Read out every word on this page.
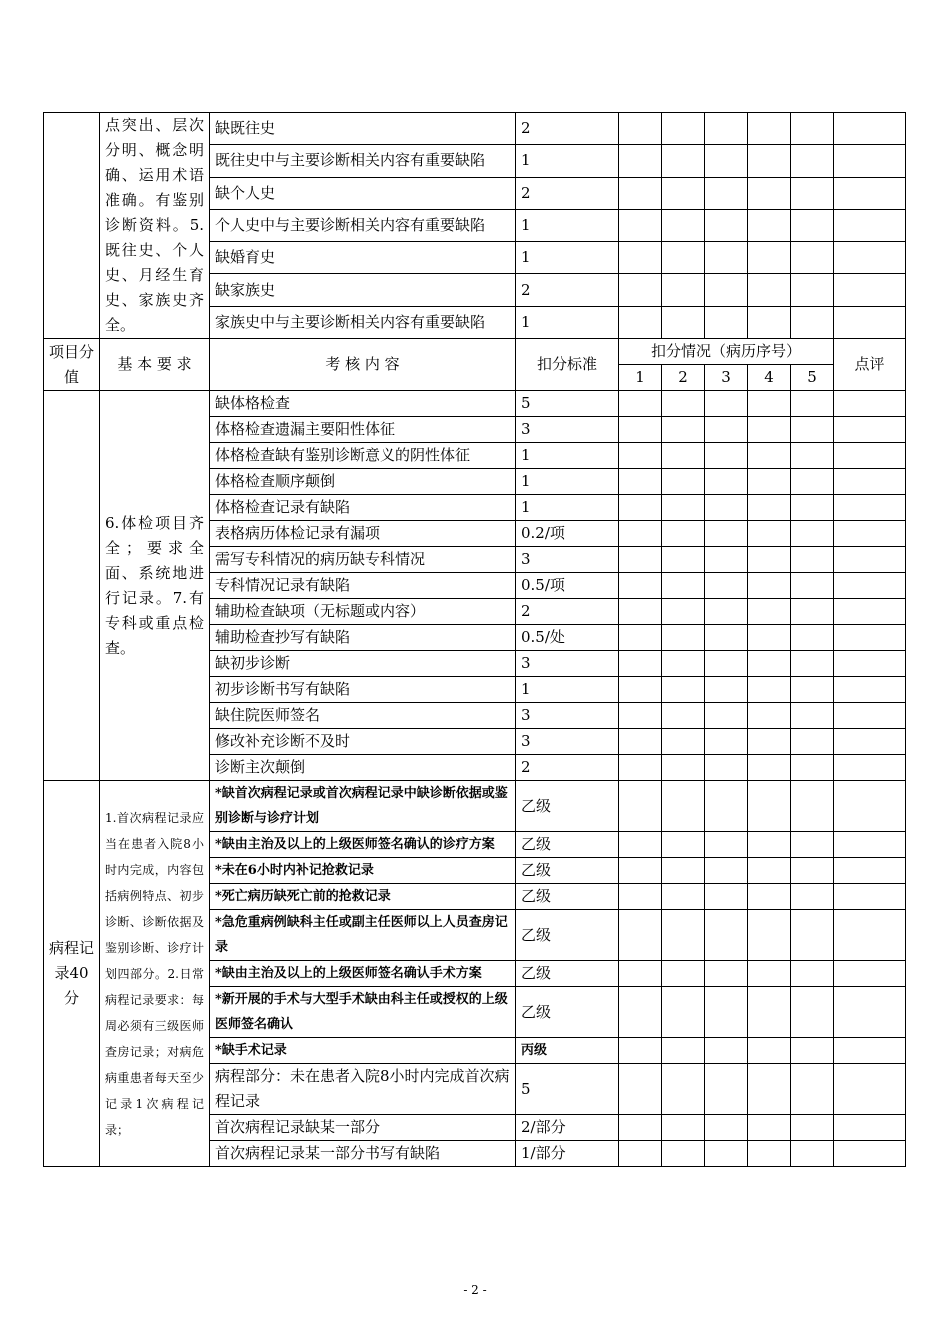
	点突出、层次分明、概念明确、运用术语准确。有鉴别诊断资料。5.既往史、个人史、月经生育史、家族史齐全。	缺既往史	2						
		既往史中与主要诊断相关内容有重要缺陷	1						
		缺个人史	2						
		个人史中与主要诊断相关内容有重要缺陷	1						
		缺婚育史	1						
		缺家族史	2						
		家族史中与主要诊断相关内容有重要缺陷	1						
项目分值	基 本 要 求	考 核 内 容	扣分标准	扣分情况（病历序号）					点评
				1	2	3	4	5	
	6.体检项目齐全；要求全面、系统地进行记录。7.有专科或重点检查。	缺体格检查	5						
		体格检查遗漏主要阳性体征	3						
		体格检查缺有鉴别诊断意义的阴性体征	1						
		体格检查顺序颠倒	1						
		体格检查记录有缺陷	1						
		表格病历体检记录有漏项	0.2/项						
		需写专科情况的病历缺专科情况	3						
		专科情况记录有缺陷	0.5/项						
		辅助检查缺项（无标题或内容）	2						
		辅助检查抄写有缺陷	0.5/处						
		缺初步诊断	3						
		初步诊断书写有缺陷	1						
		缺住院医师签名	3						
		修改补充诊断不及时	3						
		诊断主次颠倒	2						
病程记录40分	1.首次病程记录应当在患者入院8小时内完成，内容包括病例特点、初步诊断、诊断依据及鉴别诊断、诊疗计划四部分。2.日常病程记录要求：每周必须有三级医师查房记录；对病危病重患者每天至少记录1次病程记录；	*缺首次病程记录或首次病程记录中缺诊断依据或鉴别诊断与诊疗计划	乙级						
		*缺由主治及以上的上级医师签名确认的诊疗方案	乙级						
		*未在6小时内补记抢救记录	乙级						
		*死亡病历缺死亡前的抢救记录	乙级						
		*急危重病例缺科主任或副主任医师以上人员查房记录	乙级						
		*缺由主治及以上的上级医师签名确认手术方案	乙级						
		*新开展的手术与大型手术缺由科主任或授权的上级医师签名确认	乙级						
		*缺手术记录	丙级						
		病程部分：未在患者入院8小时内完成首次病程记录	5						
		首次病程记录缺某一部分	2/部分						
		首次病程记录某一部分书写有缺陷	1/部分						
- 2 -
